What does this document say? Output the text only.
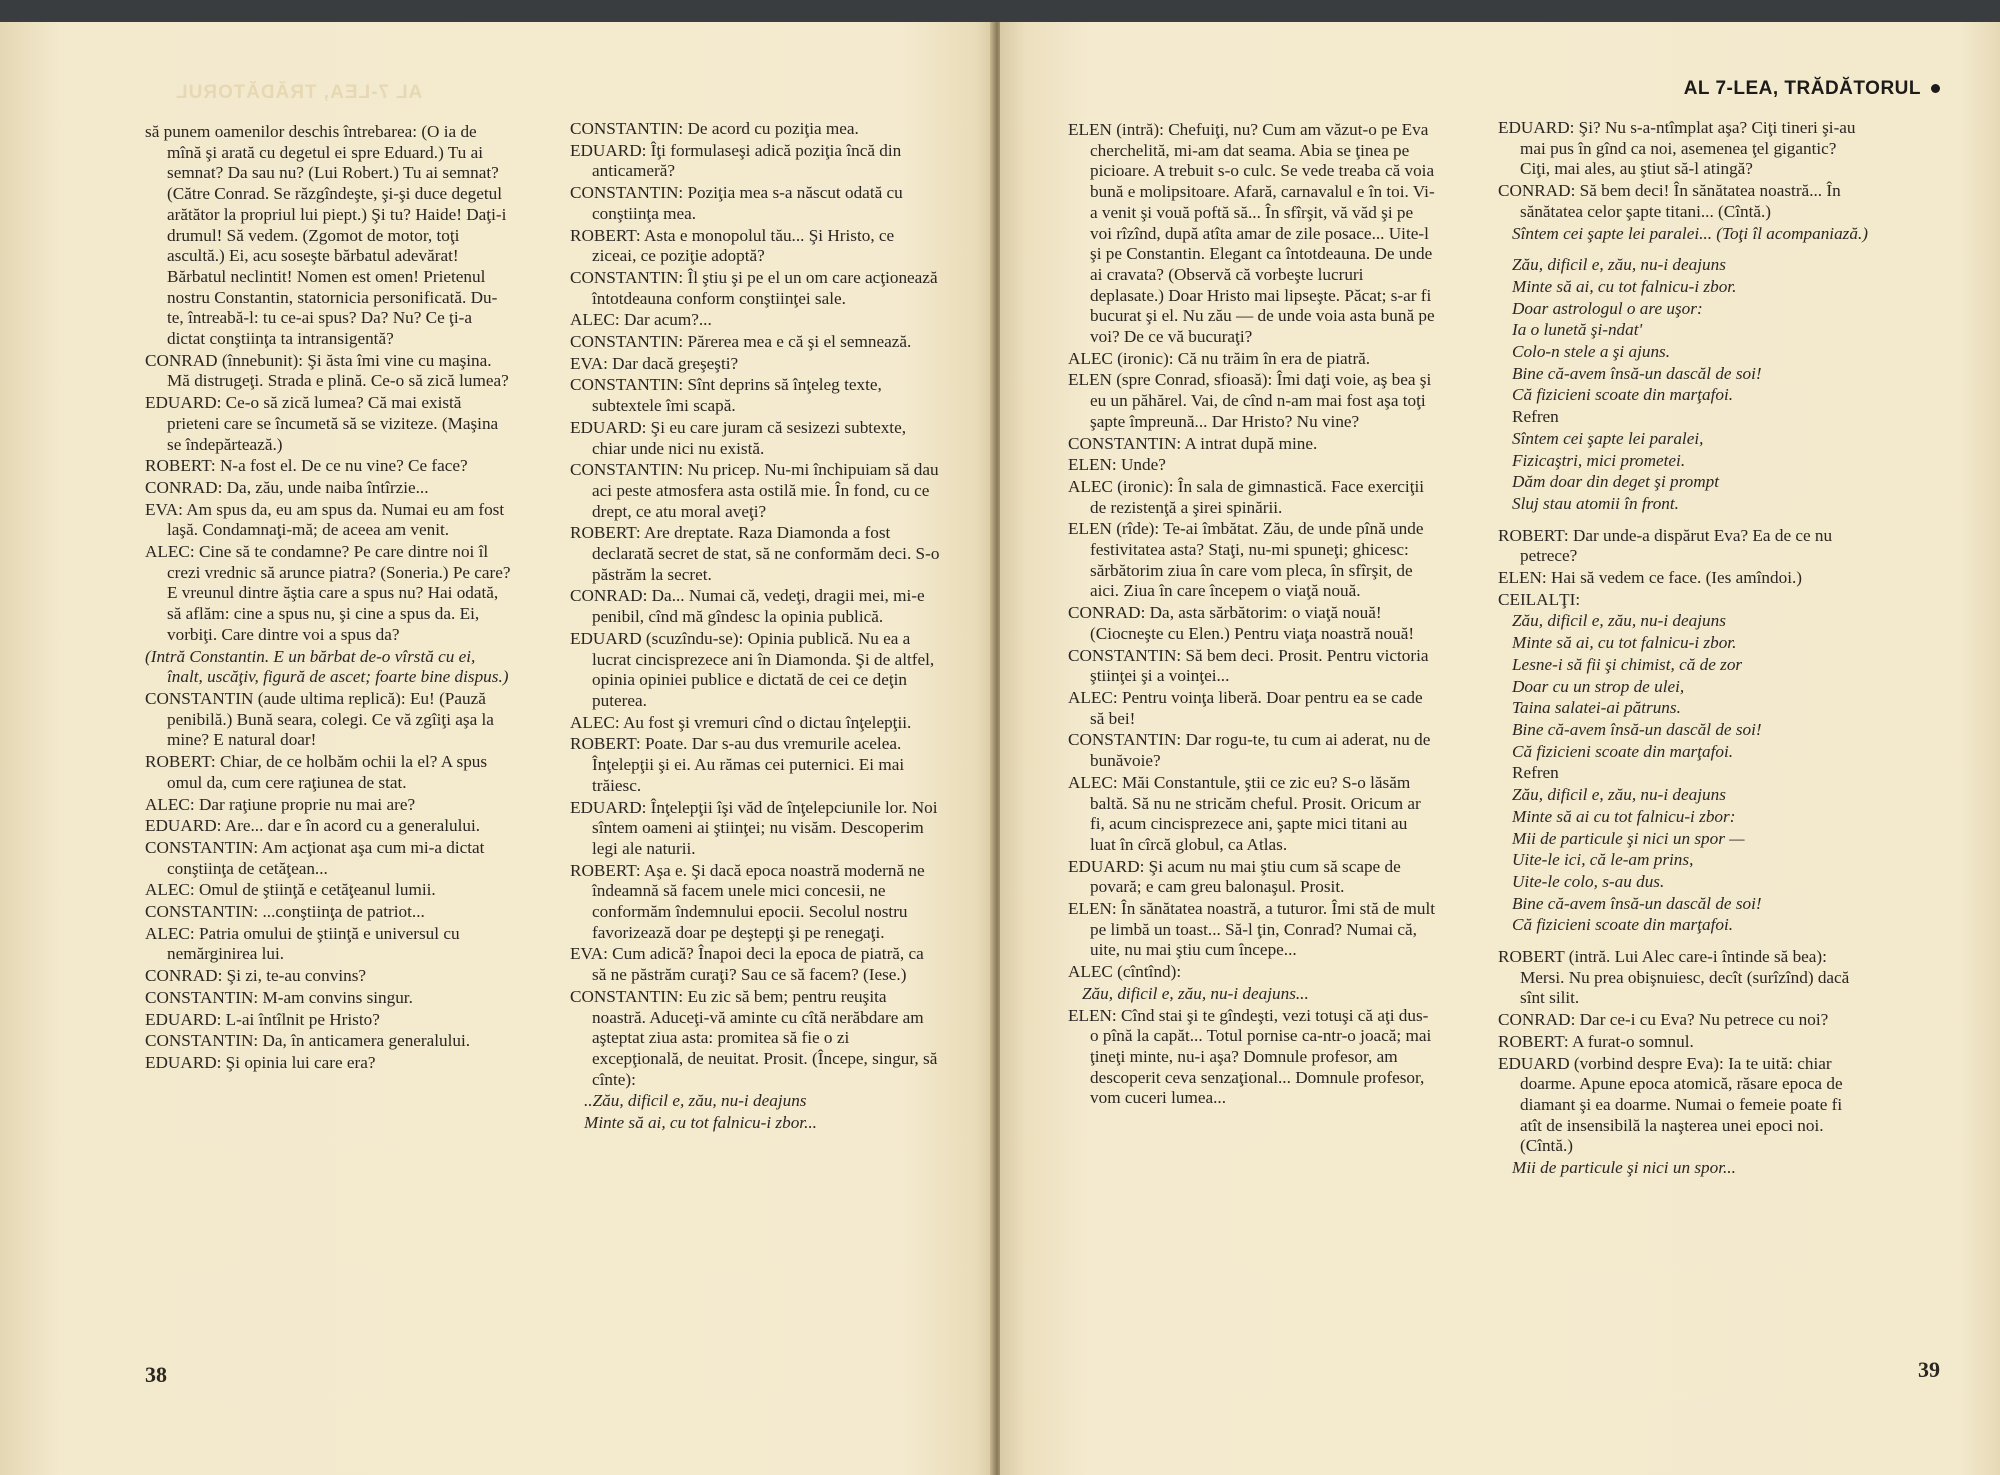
AL 7-LEA, TRĂDĂTORUL
să punem oamenilor deschis întrebarea: (O ia de mînă şi arată cu degetul ei spre Eduard.) Tu ai semnat? Da sau nu? (Lui Robert.) Tu ai semnat? (Către Conrad. Se răzgîndeşte, şi-şi duce degetul arătător la propriul lui piept.) Şi tu? Haide! Daţi-i drumul! Să vedem. (Zgomot de motor, toţi ascultă.) Ei, acu soseşte bărbatul adevărat! Bărbatul neclintit! Nomen est omen! Prietenul nostru Constantin, statornicia personificată. Du-te, întreabă-l: tu ce-ai spus? Da? Nu? Ce ţi-a dictat conştiinţa ta intransigentă?
CONRAD (înnebunit): Şi ăsta îmi vine cu maşina. Mă distrugeţi. Strada e plină. Ce-o să zică lumea?
EDUARD: Ce-o să zică lumea? Că mai există prieteni care se încumetă să se viziteze. (Maşina se îndepărtează.)
ROBERT: N-a fost el. De ce nu vine? Ce face?
CONRAD: Da, zău, unde naiba întîrzie...
EVA: Am spus da, eu am spus da. Numai eu am fost laşă. Condamnaţi-mă; de aceea am venit.
ALEC: Cine să te condamne? Pe care dintre noi îl crezi vrednic să arunce piatra? (Soneria.) Pe care? E vreunul dintre ăştia care a spus nu? Hai odată, să aflăm: cine a spus nu, şi cine a spus da. Ei, vorbiţi. Care dintre voi a spus da?
(Intră Constantin. E un bărbat de-o vîrstă cu ei, înalt, uscăţiv, figură de ascet; foarte bine dispus.)
CONSTANTIN (aude ultima replică): Eu! (Pauză penibilă.) Bună seara, colegi. Ce vă zgîiţi aşa la mine? E natural doar!
ROBERT: Chiar, de ce holbăm ochii la el? A spus omul da, cum cere raţiunea de stat.
ALEC: Dar raţiune proprie nu mai are?
EDUARD: Are... dar e în acord cu a generalului.
CONSTANTIN: Am acţionat aşa cum mi-a dictat conştiinţa de cetăţean...
ALEC: Omul de ştiinţă e cetăţeanul lumii.
CONSTANTIN: ...conştiinţa de patriot...
ALEC: Patria omului de ştiinţă e universul cu nemărginirea lui.
CONRAD: Şi zi, te-au convins?
CONSTANTIN: M-am convins singur.
EDUARD: L-ai întîlnit pe Hristo?
CONSTANTIN: Da, în anticamera generalului.
EDUARD: Şi opinia lui care era?
CONSTANTIN: De acord cu poziţia mea.
EDUARD: Îţi formulaseşi adică poziţia încă din anticameră?
CONSTANTIN: Poziţia mea s-a născut odată cu conştiinţa mea.
ROBERT: Asta e monopolul tău... Şi Hristo, ce ziceai, ce poziţie adoptă?
CONSTANTIN: Îl ştiu şi pe el un om care acţionează întotdeauna conform conştiinţei sale.
ALEC: Dar acum?...
CONSTANTIN: Părerea mea e că şi el semnează.
EVA: Dar dacă greşeşti?
CONSTANTIN: Sînt deprins să înţeleg texte, subtextele îmi scapă.
EDUARD: Şi eu care juram că sesizezi subtexte, chiar unde nici nu există.
CONSTANTIN: Nu pricep. Nu-mi închipuiam să dau aci peste atmosfera asta ostilă mie. În fond, cu ce drept, ce atu moral aveţi?
ROBERT: Are dreptate. Raza Diamonda a fost declarată secret de stat, să ne conformăm deci. S-o păstrăm la secret.
CONRAD: Da... Numai că, vedeţi, dragii mei, mi-e penibil, cînd mă gîndesc la opinia publică.
EDUARD (scuzîndu-se): Opinia publică. Nu ea a lucrat cincisprezece ani în Diamonda. Şi de altfel, opinia opiniei publice e dictată de cei ce deţin puterea.
ALEC: Au fost şi vremuri cînd o dictau înţelepţii.
ROBERT: Poate. Dar s-au dus vremurile acelea. Înţelepţii şi ei. Au rămas cei puternici. Ei mai trăiesc.
EDUARD: Înţelepţii îşi văd de înţelepciunile lor. Noi sîntem oameni ai ştiinţei; nu visăm. Descoperim legi ale naturii.
ROBERT: Aşa e. Şi dacă epoca noastră modernă ne îndeamnă să facem unele mici concesii, ne conformăm îndemnului epocii. Secolul nostru favorizează doar pe deştepţi şi pe renegaţi.
EVA: Cum adică? Înapoi deci la epoca de piatră, ca să ne păstrăm curaţi? Sau ce să facem? (Iese.)
CONSTANTIN: Eu zic să bem; pentru reuşita noastră. Aduceţi-vă aminte cu cîtă nerăbdare am aşteptat ziua asta: promitea să fie o zi excepţională, de neuitat. Prosit. (Începe, singur, să cînte):
..Zău, dificil e, zău, nu-i deajuns
Minte să ai, cu tot falnicu-i zbor...
38
AL 7-LEA, TRĂDĂTORUL
ELEN (intră): Chefuiţi, nu? Cum am văzut-o pe Eva cherchelită, mi-am dat seama. Abia se ţinea pe picioare. A trebuit s-o culc. Se vede treaba că voia bună e molipsitoare. Afară, carnavalul e în toi. Vi-a venit şi vouă poftă să... În sfîrşit, vă văd şi pe voi rîzînd, după atîta amar de zile posace... Uite-l şi pe Constantin. Elegant ca întotdeauna. De unde ai cravata? (Observă că vorbeşte lucruri deplasate.) Doar Hristo mai lipseşte. Păcat; s-ar fi bucurat şi el. Nu zău — de unde voia asta bună pe voi? De ce vă bucuraţi?
ALEC (ironic): Că nu trăim în era de piatră.
ELEN (spre Conrad, sfioasă): Îmi daţi voie, aş bea şi eu un păhărel. Vai, de cînd n-am mai fost aşa toţi şapte împreună... Dar Hristo? Nu vine?
CONSTANTIN: A intrat după mine.
ELEN: Unde?
ALEC (ironic): În sala de gimnastică. Face exerciţii de rezistenţă a şirei spinării.
ELEN (rîde): Te-ai îmbătat. Zău, de unde pînă unde festivitatea asta? Staţi, nu-mi spuneţi; ghicesc: sărbătorim ziua în care vom pleca, în sfîrşit, de aici. Ziua în care începem o viaţă nouă.
CONRAD: Da, asta sărbătorim: o viaţă nouă! (Ciocneşte cu Elen.) Pentru viaţa noastră nouă!
CONSTANTIN: Să bem deci. Prosit. Pentru victoria ştiinţei şi a voinţei...
ALEC: Pentru voinţa liberă. Doar pentru ea se cade să bei!
CONSTANTIN: Dar rogu-te, tu cum ai aderat, nu de bunăvoie?
ALEC: Măi Constantule, ştii ce zic eu? S-o lăsăm baltă. Să nu ne stricăm cheful. Prosit. Oricum ar fi, acum cincisprezece ani, şapte mici titani au luat în cîrcă globul, ca Atlas.
EDUARD: Şi acum nu mai ştiu cum să scape de povară; e cam greu balonaşul. Prosit.
ELEN: În sănătatea noastră, a tuturor. Îmi stă de mult pe limbă un toast... Să-l ţin, Conrad? Numai că, uite, nu mai ştiu cum începe...
ALEC (cîntînd):
Zău, dificil e, zău, nu-i deajuns...
ELEN: Cînd stai şi te gîndeşti, vezi totuşi că aţi dus-o pînă la capăt... Totul pornise ca-ntr-o joacă; mai ţineţi minte, nu-i aşa? Domnule profesor, am descoperit ceva senzaţional... Domnule profesor, vom cuceri lumea...
EDUARD: Şi? Nu s-a-ntîmplat aşa? Ciţi tineri şi-au mai pus în gînd ca noi, asemenea ţel gigantic? Ciţi, mai ales, au ştiut să-l atingă?
CONRAD: Să bem deci! În sănătatea noastră... În sănătatea celor şapte titani... (Cîntă.)
Sîntem cei şapte lei paralei... (Toţi îl acompaniază.)
Zău, dificil e, zău, nu-i deajuns
Minte să ai, cu tot falnicu-i zbor.
Doar astrologul o are uşor:
Ia o lunetă şi-ndat'
Colo-n stele a şi ajuns.
Bine că-avem însă-un dascăl de soi!
Că fizicieni scoate din marţafoi.
Refren
Sîntem cei şapte lei paralei,
Fizicaştri, mici prometei.
Dăm doar din deget şi prompt
Sluj stau atomii în front.
ROBERT: Dar unde-a dispărut Eva? Ea de ce nu petrece?
ELEN: Hai să vedem ce face. (Ies amîndoi.)
CEILALŢI:
Zău, dificil e, zău, nu-i deajuns
Minte să ai, cu tot falnicu-i zbor.
Lesne-i să fii şi chimist, că de zor
Doar cu un strop de ulei,
Taina salatei-ai pătruns.
Bine că-avem însă-un dascăl de soi!
Că fizicieni scoate din marţafoi.
Refren
Zău, dificil e, zău, nu-i deajuns
Minte să ai cu tot falnicu-i zbor:
Mii de particule şi nici un spor —
Uite-le ici, că le-am prins,
Uite-le colo, s-au dus.
Bine că-avem însă-un dascăl de soi!
Că fizicieni scoate din marţafoi.
ROBERT (intră. Lui Alec care-i întinde să bea): Mersi. Nu prea obişnuiesc, decît (surîzînd) dacă sînt silit.
CONRAD: Dar ce-i cu Eva? Nu petrece cu noi?
ROBERT: A furat-o somnul.
EDUARD (vorbind despre Eva): Ia te uită: chiar doarme. Apune epoca atomică, răsare epoca de diamant şi ea doarme. Numai o femeie poate fi atît de insensibilă la naşterea unei epoci noi. (Cîntă.)
Mii de particule şi nici un spor...
39
